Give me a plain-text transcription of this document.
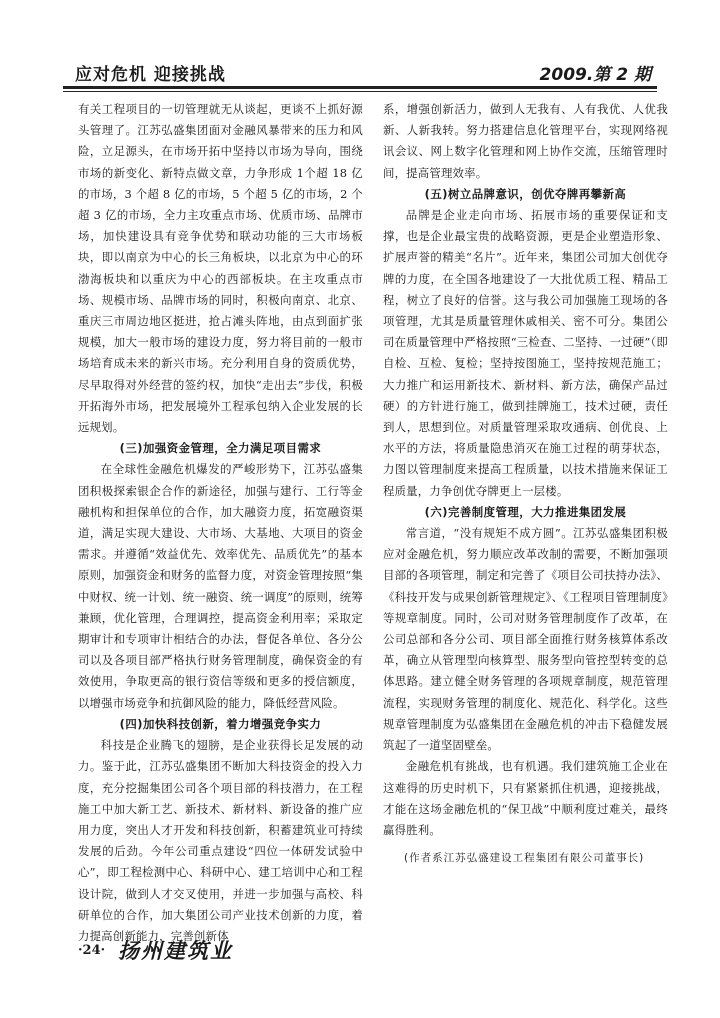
应对危机 迎接挑战	2009.第 2 期

有关工程项目的一切管理就无从谈起，更谈不上抓好源头管理了。江苏弘盛集团面对金融风暴带来的压力和风险，立足源头，在市场开拓中坚持以市场为导向，围绕市场的新变化、新特点做文章，力争形成 1个超 18 亿的市场，3 个超 8 亿的市场，5 个超 5 亿的市场，2 个超 3 亿的市场，全力主攻重点市场、优质市场、品牌市场，加快建设具有竞争优势和联动功能的三大市场板块，即以南京为中心的长三角板块，以北京为中心的环渤海板块和以重庆为中心的西部板块。在主攻重点市场、规模市场、品牌市场的同时，积极向南京、北京、重庆三市周边地区挺进，抢占滩头阵地，由点到面扩张规模，加大一般市场的建设力度，努力将目前的一般市场培育成未来的新兴市场。充分利用自身的资质优势，尽早取得对外经营的签约权，加快“走出去”步伐，积极开拓海外市场，把发展境外工程承包纳入企业发展的长远规划。

(三)加强资金管理，全力满足项目需求

在全球性金融危机爆发的严峻形势下，江苏弘盛集团积极探索银企合作的新途径，加强与建行、工行等金融机构和担保单位的合作，加大融资力度，拓宽融资渠道，满足实现大建设、大市场、大基地、大项目的资金需求。并遵循“效益优先、效率优先、品质优先”的基本原则，加强资金和财务的监督力度，对资金管理按照“集中财权、统一计划、统一融资、统一调度”的原则，统筹兼顾，优化管理，合理调控，提高资金利用率；采取定期审计和专项审计相结合的办法，督促各单位、各分公司以及各项目部严格执行财务管理制度，确保资金的有效使用，争取更高的银行资信等级和更多的授信额度，以增强市场竞争和抗御风险的能力，降低经营风险。

(四)加快科技创新，着力增强竞争实力

科技是企业腾飞的翅膀，是企业获得长足发展的动力。鉴于此，江苏弘盛集团不断加大科技资金的投入力度，充分挖掘集团公司各个项目部的科技潜力，在工程施工中加大新工艺、新技术、新材料、新设备的推广应用力度，突出人才开发和科技创新，积蓄建筑业可持续发展的后劲。今年公司重点建设“四位一体研发试验中心”，即工程检测中心、科研中心、建工培训中心和工程设计院，做到人才交叉使用，并进一步加强与高校、科研单位的合作，加大集团公司产业技术创新的力度，着力提高创新能力，完善创新体

系，增强创新活力，做到人无我有、人有我优、人优我新、人新我转。努力搭建信息化管理平台，实现网络视讯会议、网上数字化管理和网上协作交流，压缩管理时间，提高管理效率。

(五)树立品牌意识，创优夺牌再攀新高

品牌是企业走向市场、拓展市场的重要保证和支撑，也是企业最宝贵的战略资源，更是企业塑造形象、扩展声誉的精美“名片”。近年来，集团公司加大创优夺牌的力度，在全国各地建设了一大批优质工程、精品工程，树立了良好的信誉。这与我公司加强施工现场的各项管理，尤其是质量管理休戚相关、密不可分。集团公司在质量管理中严格按照“三检查、二坚持、一过硬”（即自检、互检、复检；坚持按图施工，坚持按规范施工；大力推广和运用新技术、新材料、新方法，确保产品过硬）的方针进行施工，做到挂牌施工，技术过硬，责任到人，思想到位。对质量管理采取攻通病、创优良、上水平的方法，将质量隐患消灭在施工过程的萌芽状态，力图以管理制度来提高工程质量，以技术措施来保证工程质量，力争创优夺牌更上一层楼。

(六)完善制度管理，大力推进集团发展

常言道，“没有规矩不成方圆”。江苏弘盛集团积极应对金融危机，努力顺应改革改制的需要，不断加强项目部的各项管理，制定和完善了《项目公司扶持办法》、《科技开发与成果创新管理规定》、《工程项目管理制度》等规章制度。同时，公司对财务管理制度作了改革，在公司总部和各分公司、项目部全面推行财务核算体系改革，确立从管理型向核算型、服务型向管控型转变的总体思路。建立健全财务管理的各项规章制度，规范管理流程，实现财务管理的制度化、规范化、科学化。这些规章管理制度为弘盛集团在金融危机的冲击下稳健发展筑起了一道坚固壁垒。

金融危机有挑战，也有机遇。我们建筑施工企业在这难得的历史时机下，只有紧紧抓住机遇，迎接挑战，才能在这场金融危机的“保卫战”中顺利度过难关，最终赢得胜利。

(作者系江苏弘盛建设工程集团有限公司董事长)

·24· 扬州建筑业
